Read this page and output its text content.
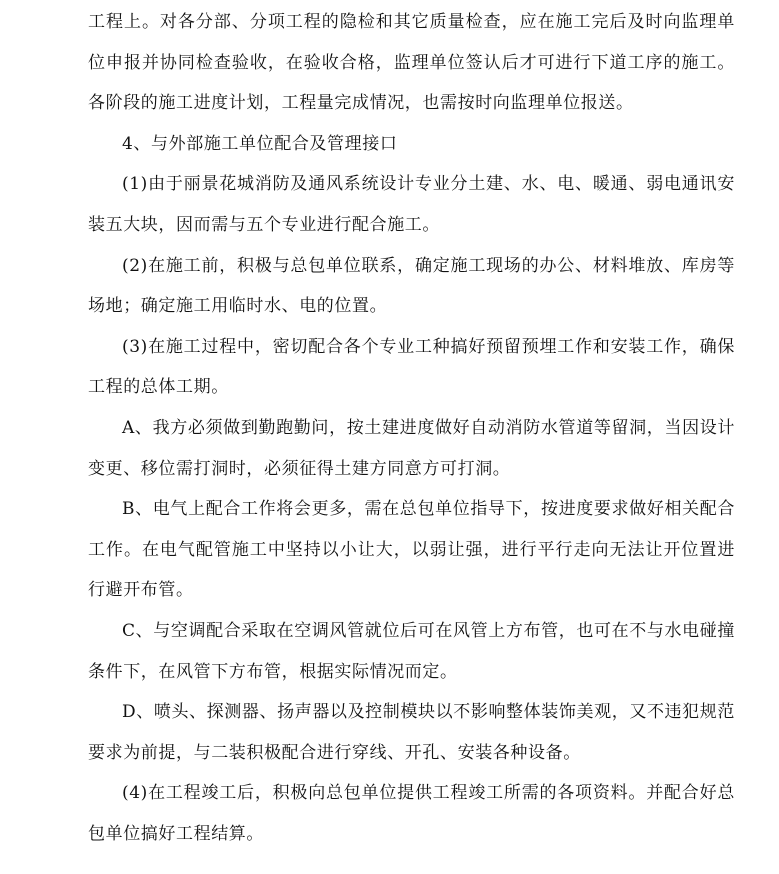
工程上。对各分部、分项工程的隐检和其它质量检查，应在施工完后及时向监理单位申报并协同检查验收，在验收合格，监理单位签认后才可进行下道工序的施工。各阶段的施工进度计划，工程量完成情况，也需按时向监理单位报送。

4、与外部施工单位配合及管理接口

(1)由于丽景花城消防及通风系统设计专业分土建、水、电、暖通、弱电通讯安装五大块，因而需与五个专业进行配合施工。

(2)在施工前，积极与总包单位联系，确定施工现场的办公、材料堆放、库房等场地；确定施工用临时水、电的位置。

(3)在施工过程中，密切配合各个专业工种搞好预留预埋工作和安装工作，确保工程的总体工期。

A、我方必须做到勤跑勤问，按土建进度做好自动消防水管道等留洞，当因设计变更、移位需打洞时，必须征得土建方同意方可打洞。

B、电气上配合工作将会更多，需在总包单位指导下，按进度要求做好相关配合工作。在电气配管施工中坚持以小让大，以弱让强，进行平行走向无法让开位置进行避开布管。

C、与空调配合采取在空调风管就位后可在风管上方布管，也可在不与水电碰撞条件下，在风管下方布管，根据实际情况而定。

D、喷头、探测器、扬声器以及控制模块以不影响整体装饰美观，又不违犯规范要求为前提，与二装积极配合进行穿线、开孔、安装各种设备。

(4)在工程竣工后，积极向总包单位提供工程竣工所需的各项资料。并配合好总包单位搞好工程结算。
